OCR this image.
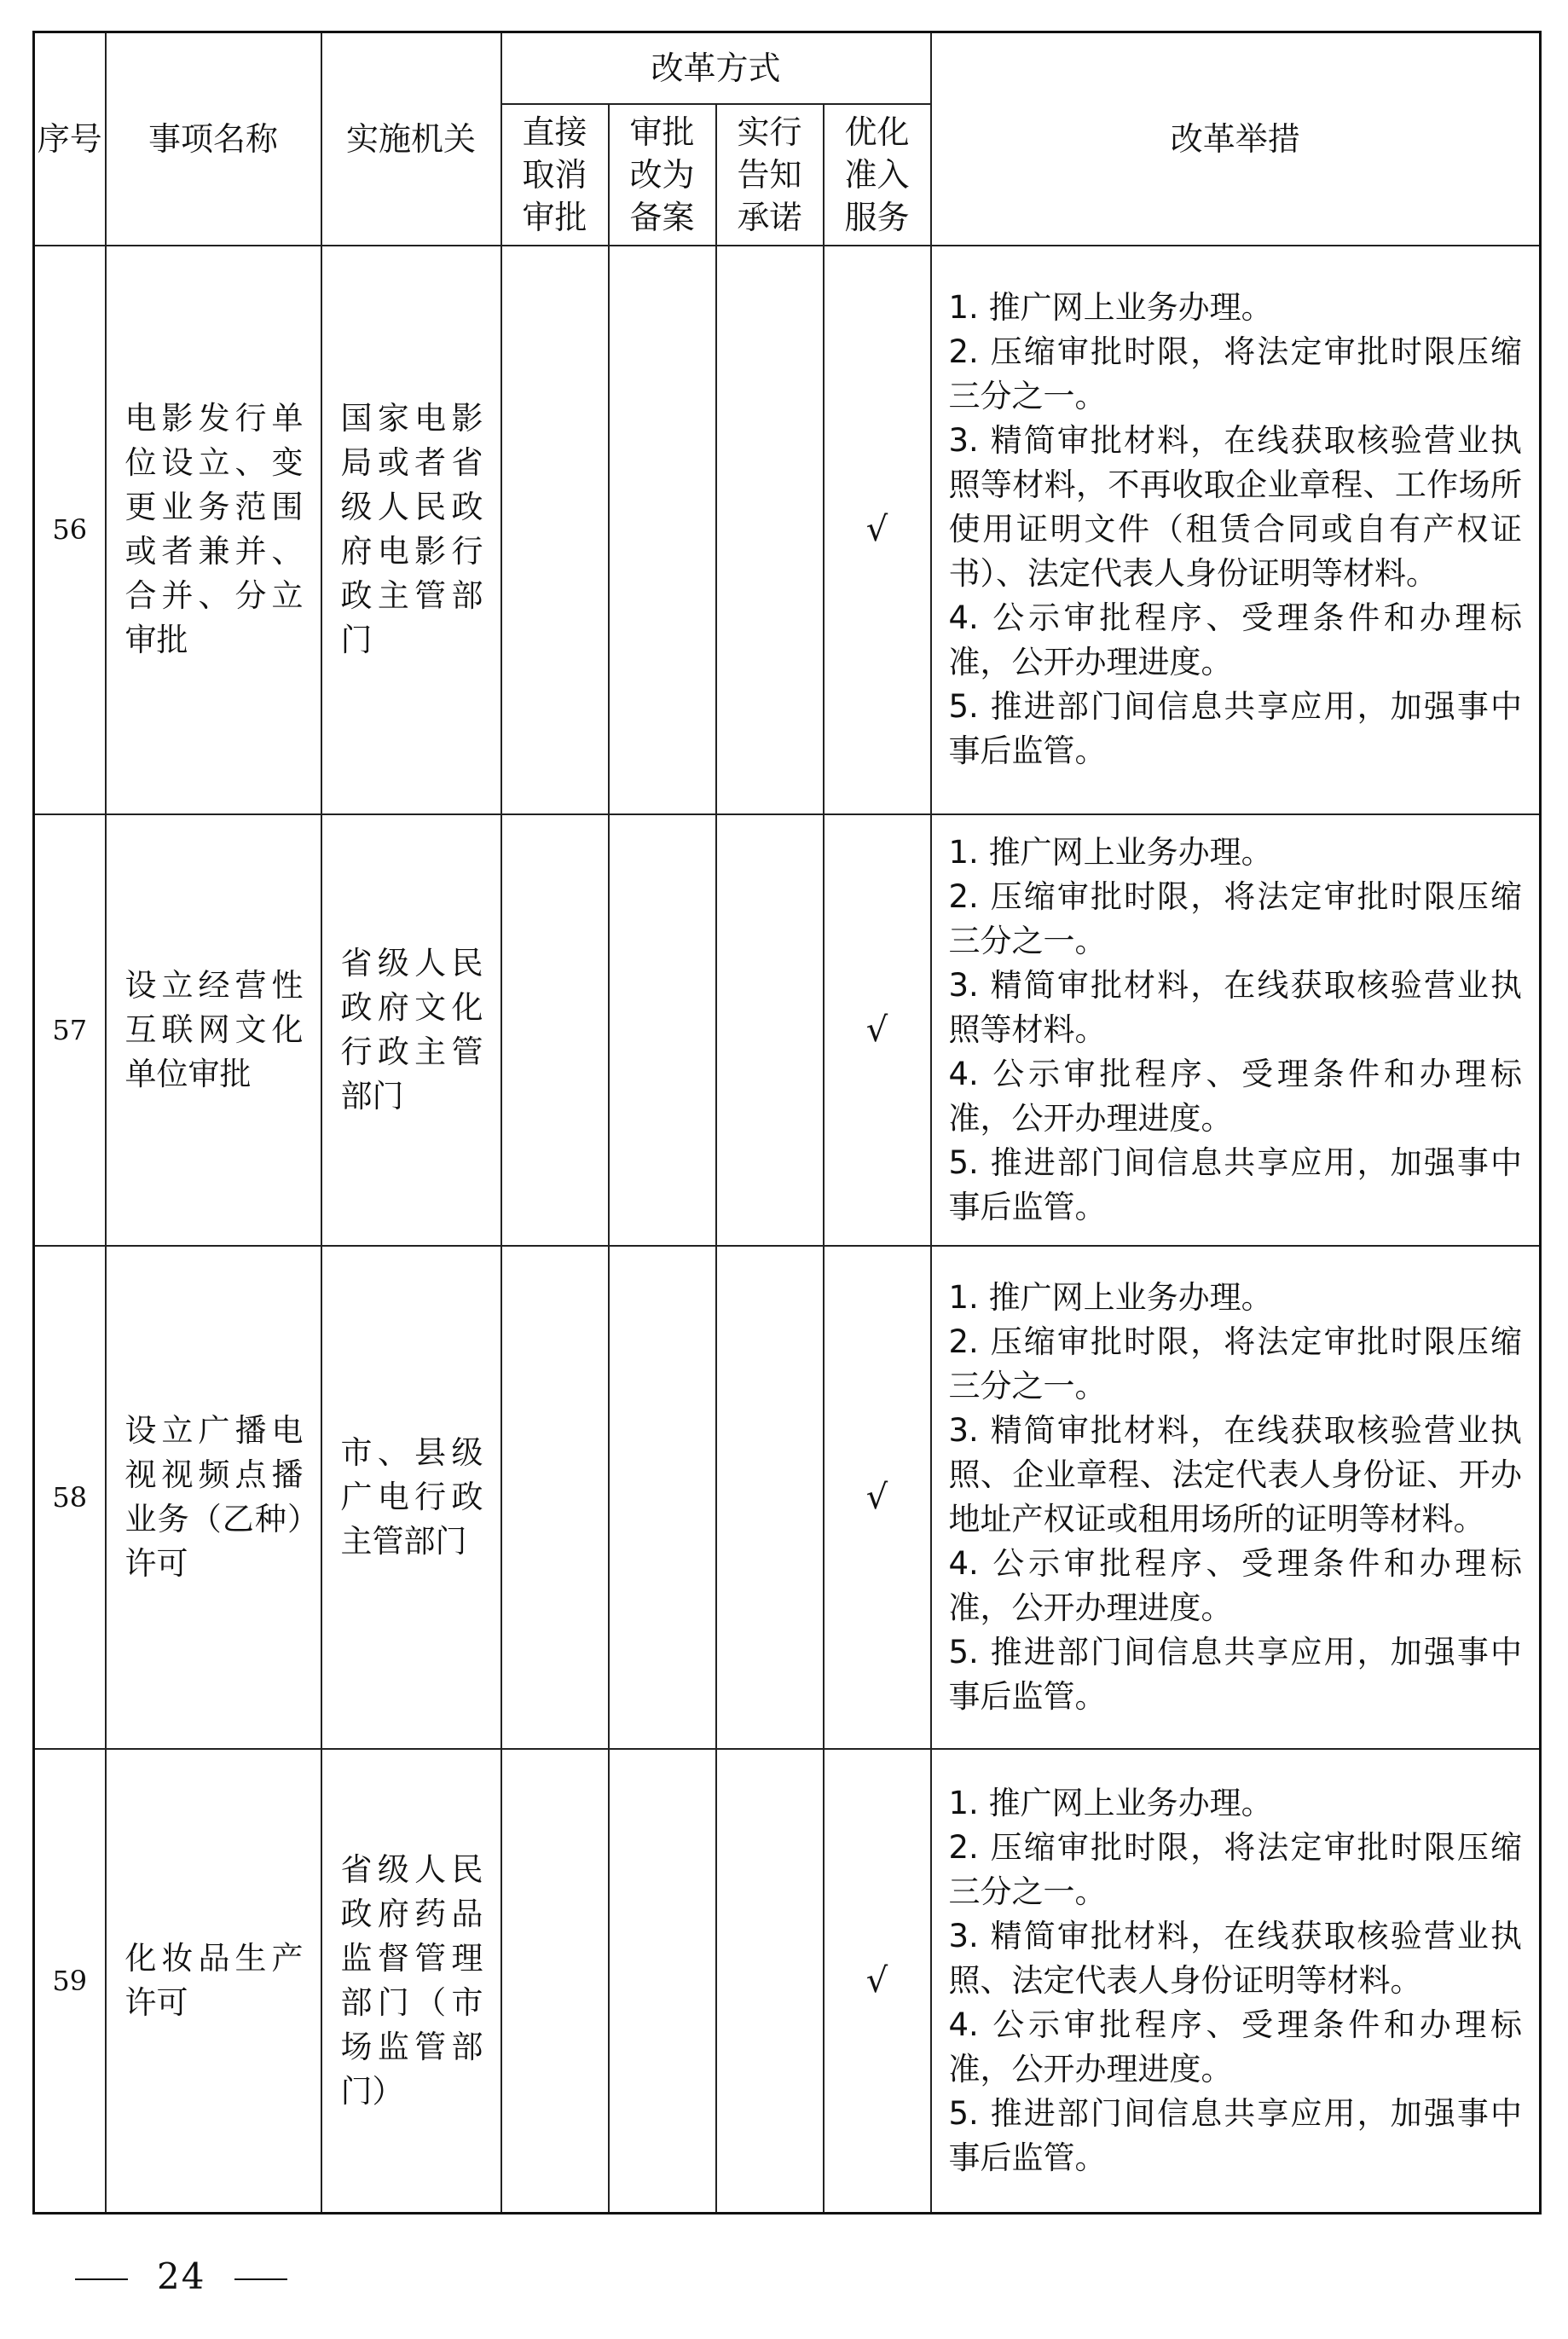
序号	事项名称	实施机关	改革方式				改革举措

			直接取消审批	审批改为备案	实行告知承诺	优化准入服务	

56	电影发行单位设立、变更业务范围或者兼并、合并、分立审批	国家电影局或者省级人民政府电影行政主管部门				√	1. 推广网上业务办理。
2. 压缩审批时限，将法定审批时限压缩三分之一。
3. 精简审批材料，在线获取核验营业执照等材料，不再收取企业章程、工作场所使用证明文件（租赁合同或自有产权证书）、法定代表人身份证明等材料。
4. 公示审批程序、受理条件和办理标准，公开办理进度。
5. 推进部门间信息共享应用，加强事中事后监管。

57	设立经营性互联网文化单位审批	省级人民政府文化行政主管部门				√	1. 推广网上业务办理。
2. 压缩审批时限，将法定审批时限压缩三分之一。
3. 精简审批材料，在线获取核验营业执照等材料。
4. 公示审批程序、受理条件和办理标准，公开办理进度。
5. 推进部门间信息共享应用，加强事中事后监管。

58	设立广播电视视频点播业务（乙种）许可	市、县级广电行政主管部门				√	1. 推广网上业务办理。
2. 压缩审批时限，将法定审批时限压缩三分之一。
3. 精简审批材料，在线获取核验营业执照、企业章程、法定代表人身份证、开办地址产权证或租用场所的证明等材料。
4. 公示审批程序、受理条件和办理标准，公开办理进度。
5. 推进部门间信息共享应用，加强事中事后监管。

59	化妆品生产许可	省级人民政府药品监督管理部门（市场监管部门）				√	1. 推广网上业务办理。
2. 压缩审批时限，将法定审批时限压缩三分之一。
3. 精简审批材料，在线获取核验营业执照、法定代表人身份证明等材料。
4. 公示审批程序、受理条件和办理标准，公开办理进度。
5. 推进部门间信息共享应用，加强事中事后监管。
24
